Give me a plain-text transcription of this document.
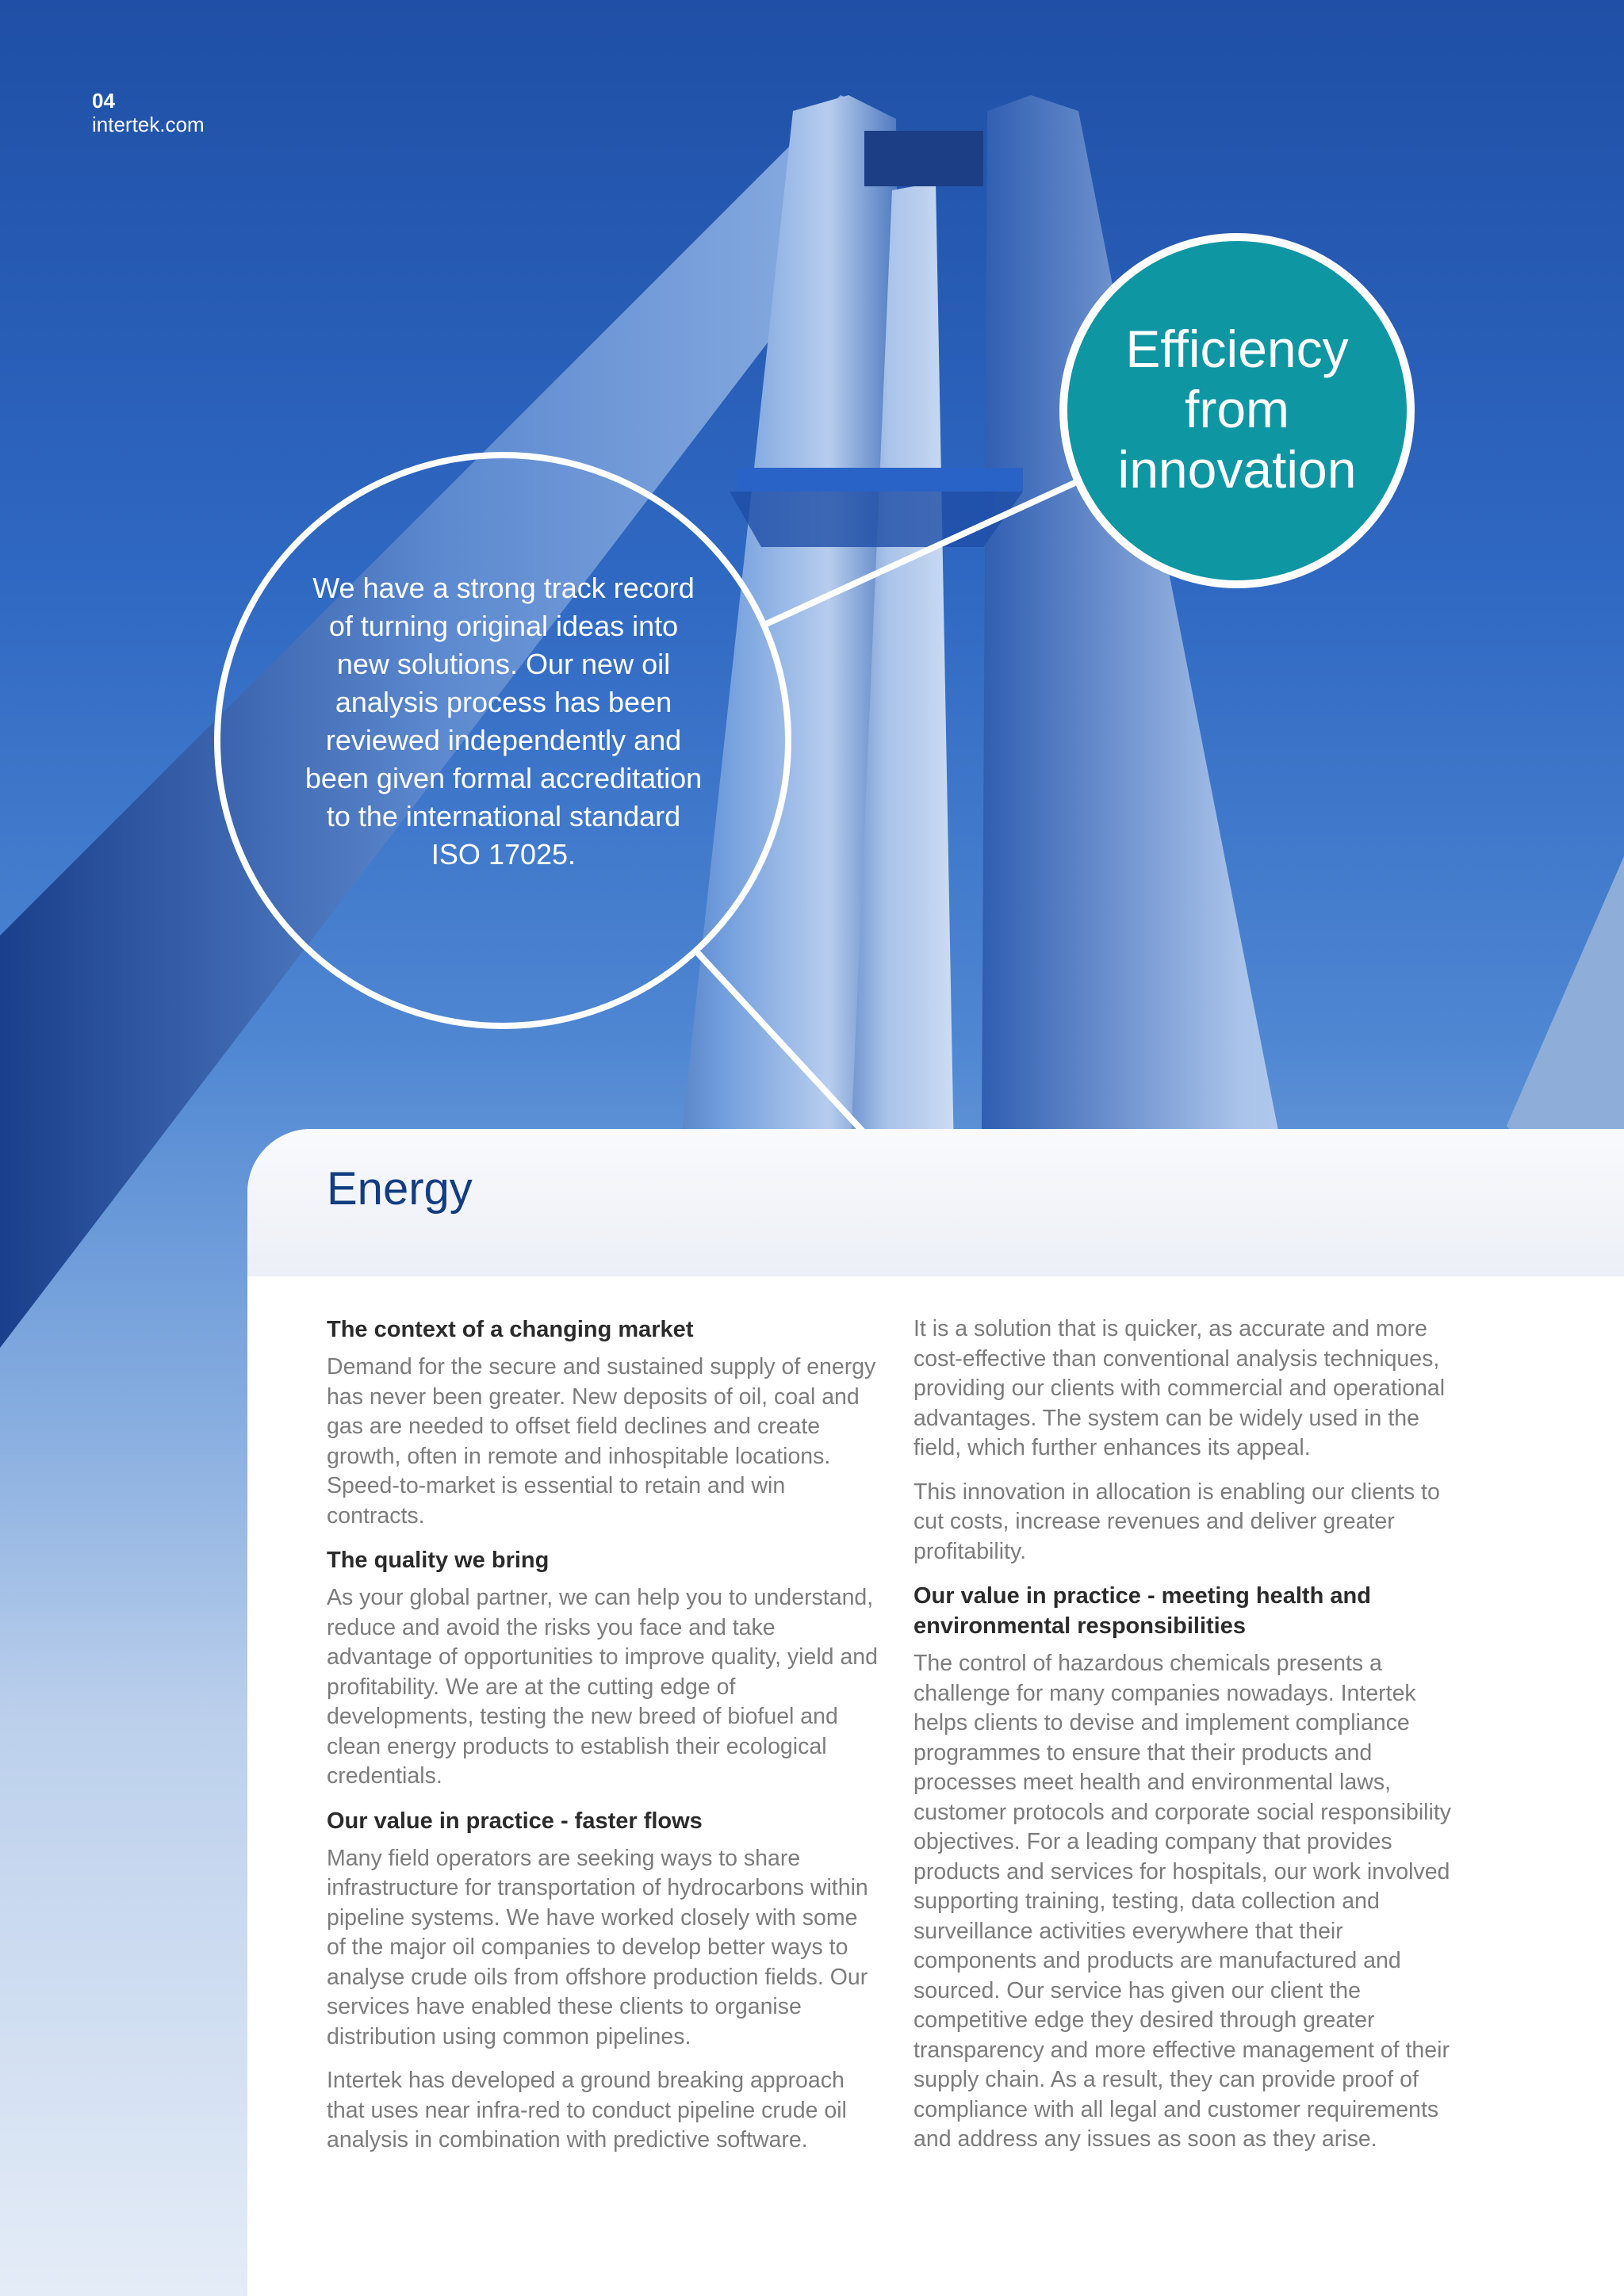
04
intertek.com
We have a strong track record of turning original ideas into new solutions. Our new oil analysis process has been reviewed independently and been given formal accreditation to the international standard ISO 17025.
Efficiency from innovation
Energy
The context of a changing market
Demand for the secure and sustained supply of energy has never been greater. New deposits of oil, coal and gas are needed to offset field declines and create growth, often in remote and inhospitable locations. Speed-to-market is essential to retain and win contracts.
The quality we bring
As your global partner, we can help you to understand, reduce and avoid the risks you face and take advantage of opportunities to improve quality, yield and profitability. We are at the cutting edge of developments, testing the new breed of biofuel and clean energy products to establish their ecological credentials.
Our value in practice - faster flows
Many field operators are seeking ways to share infrastructure for transportation of hydrocarbons within pipeline systems. We have worked closely with some of the major oil companies to develop better ways to analyse crude oils from offshore production fields. Our services have enabled these clients to organise distribution using common pipelines.
Intertek has developed a ground breaking approach that uses near infra-red to conduct pipeline crude oil analysis in combination with predictive software.
It is a solution that is quicker, as accurate and more cost-effective than conventional analysis techniques, providing our clients with commercial and operational advantages. The system can be widely used in the field, which further enhances its appeal.
This innovation in allocation is enabling our clients to cut costs, increase revenues and deliver greater profitability.
Our value in practice - meeting health and environmental responsibilities
The control of hazardous chemicals presents a challenge for many companies nowadays. Intertek helps clients to devise and implement compliance programmes to ensure that their products and processes meet health and environmental laws, customer protocols and corporate social responsibility objectives. For a leading company that provides products and services for hospitals, our work involved supporting training, testing, data collection and surveillance activities everywhere that their components and products are manufactured and sourced. Our service has given our client the competitive edge they desired through greater transparency and more effective management of their supply chain. As a result, they can provide proof of compliance with all legal and customer requirements and address any issues as soon as they arise.
